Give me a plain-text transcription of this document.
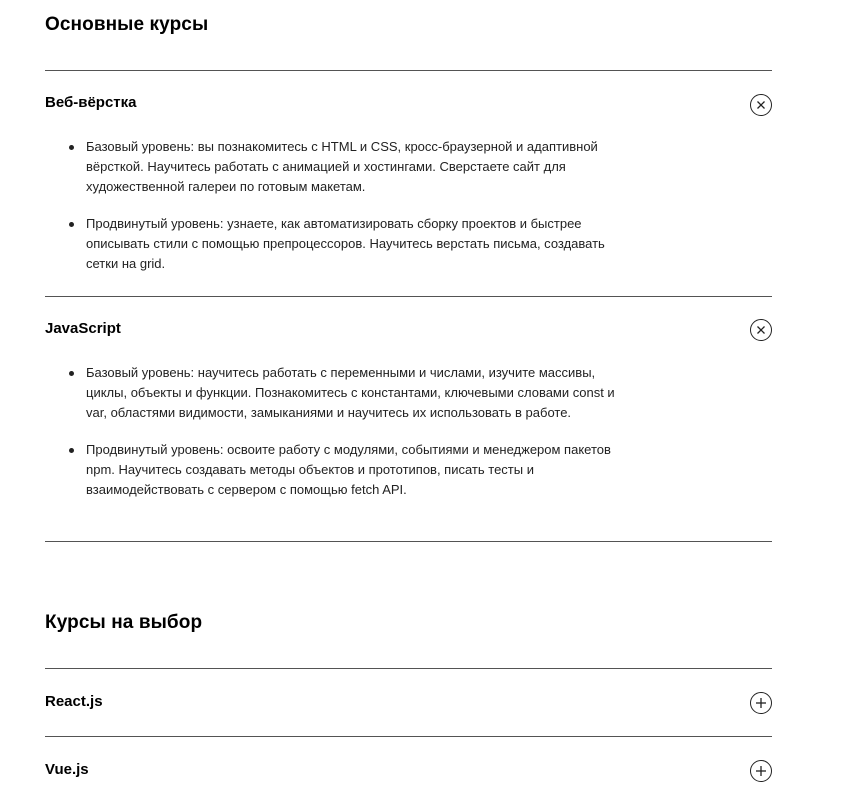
Основные курсы
Веб-вёрстка
Базовый уровень: вы познакомитесь с HTML и CSS, кросс-браузерной и адаптивной вёрсткой. Научитесь работать с анимацией и хостингами. Сверстаете сайт для художественной галереи по готовым макетам.
Продвинутый уровень: узнаете, как автоматизировать сборку проектов и быстрее описывать стили с помощью препроцессоров. Научитесь верстать письма, создавать сетки на grid.
JavaScript
Базовый уровень: научитесь работать с переменными и числами, изучите массивы, циклы, объекты и функции. Познакомитесь с константами, ключевыми словами const и var, областями видимости, замыканиями и научитесь их использовать в работе.
Продвинутый уровень: освоите работу с модулями, событиями и менеджером пакетов npm. Научитесь создавать методы объектов и прототипов, писать тесты и взаимодействовать с сервером с помощью fetch API.
Курсы на выбор
React.js
Vue.js
